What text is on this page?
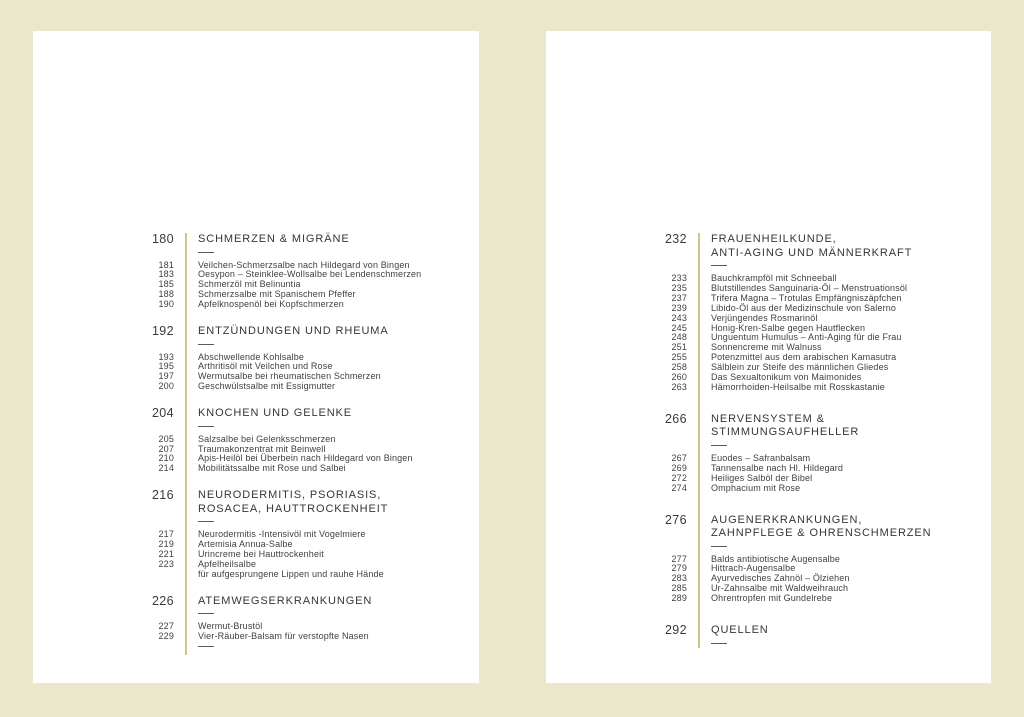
180 SCHMERZEN & MIGRÄNE
181	Veilchen-Schmerzsalbe nach Hildegard von Bingen
183	Oesypon – Steinklee-Wollsalbe bei Lendenschmerzen
185	Schmerzöl mit Belinuntia
188	Schmerzsalbe mit Spanischem Pfeffer
190	Apfelknospenöl bei Kopfschmerzen
192 ENTZÜNDUNGEN UND RHEUMA
193	Abschwellende Kohlsalbe
195	Arthritisöl mit Veilchen und Rose
197	Wermutsalbe bei rheumatischen Schmerzen
200	Geschwülstsalbe mit Essigmutter
204 KNOCHEN UND GELENKE
205	Salzsalbe bei Gelenksschmerzen
207	Traumakonzentrat mit Beinwell
210	Apis-Heilöl bei Überbein nach Hildegard von Bingen
214	Mobilitätssalbe mit Rose und Salbei
216 NEURODERMITIS, PSORIASIS,
ROSACEA, HAUTTROCKENHEIT
217	Neurodermitis -Intensivöl mit Vogelmiere
219	Artemisia Annua-Salbe
221	Urincreme bei Hauttrockenheit
223	Apfelheilsalbe
für aufgesprungene Lippen und rauhe Hände
226 ATEMWEGSERKRANKUNGEN
227	Wermut-Brustöl
229	Vier-Räuber-Balsam für verstopfte Nasen
232 FRAUENHEILKUNDE,
ANTI-AGING UND MÄNNERKRAFT
233	Bauchkrampföl mit Schneeball
235	Blutstillendes Sanguinaria-Öl – Menstruationsöl
237	Trifera Magna – Trotulas Empfängniszäpfchen
239	Libido-Öl aus der Medizinschule von Salerno
243	Verjüngendes Rosmarinöl
245	Honig-Kren-Salbe gegen Hautflecken
248	Unguentum Humulus – Anti-Aging für die Frau
251	Sonnencreme mit Walnuss
255	Potenzmittel aus dem arabischen Kamasutra
258	Sälblein zur Steife des männlichen Gliedes
260	Das Sexualtonikum von Maimonides
263	Hämorrhoiden-Heilsalbe mit Rosskastanie
266 NERVENSYSTEM &
STIMMUNGSAUFHELLER
267	Euodes – Safranbalsam
269	Tannensalbe nach Hl. Hildegard
272	Heiliges Salböl der Bibel
274	Omphacium mit Rose
276 AUGENERKRANKUNGEN,
ZAHNPFLEGE & OHRENSCHMERZEN
277	Balds antibiotische Augensalbe
279	Hittrach-Augensalbe
283	Ayurvedisches Zahnöl – Ölziehen
285	Ur-Zahnsalbe mit Waldweihrauch
289	Ohrentropfen mit Gundelrebe
292 QUELLEN
